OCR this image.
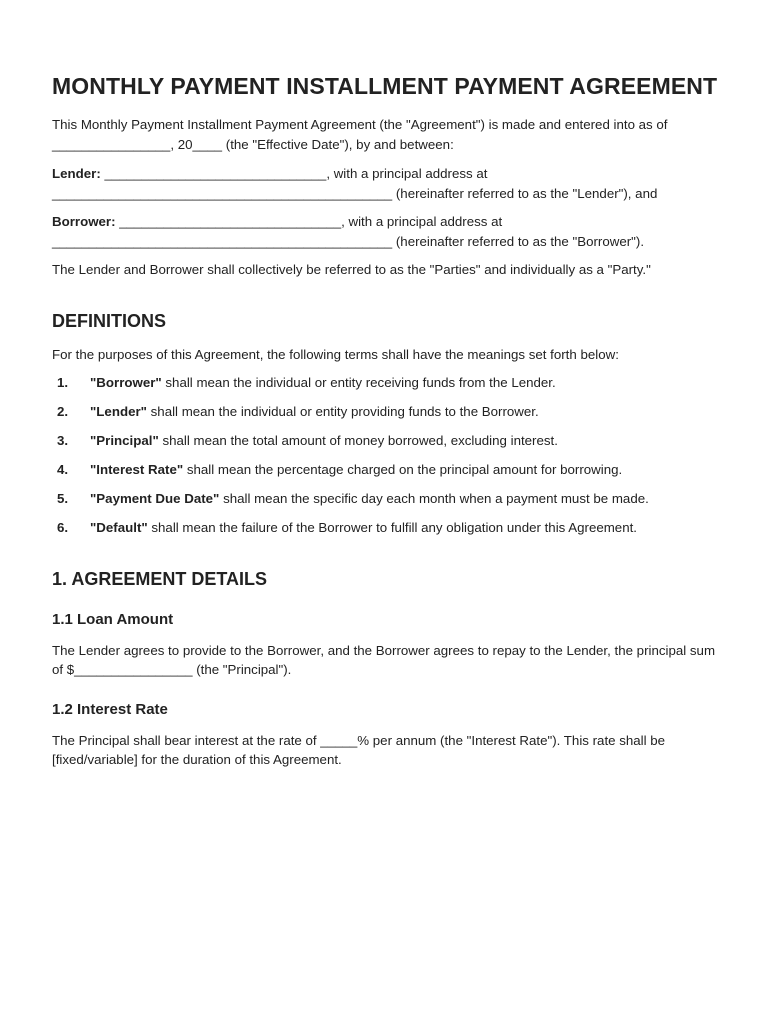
MONTHLY PAYMENT INSTALLMENT PAYMENT AGREEMENT

This Monthly Payment Installment Payment Agreement (the "Agreement") is made and entered into as of ________________, 20____ (the "Effective Date"), by and between:

Lender: ______________________________, with a principal address at ______________________________________________ (hereinafter referred to as the "Lender"), and

Borrower: ______________________________, with a principal address at ______________________________________________ (hereinafter referred to as the "Borrower").

The Lender and Borrower shall collectively be referred to as the "Parties" and individually as a "Party."

DEFINITIONS

For the purposes of this Agreement, the following terms shall have the meanings set forth below:

1. "Borrower" shall mean the individual or entity receiving funds from the Lender.
2. "Lender" shall mean the individual or entity providing funds to the Borrower.
3. "Principal" shall mean the total amount of money borrowed, excluding interest.
4. "Interest Rate" shall mean the percentage charged on the principal amount for borrowing.
5. "Payment Due Date" shall mean the specific day each month when a payment must be made.
6. "Default" shall mean the failure of the Borrower to fulfill any obligation under this Agreement.
1. AGREEMENT DETAILS
1.1 Loan Amount

The Lender agrees to provide to the Borrower, and the Borrower agrees to repay to the Lender, the principal sum of $________________ (the "Principal").

1.2 Interest Rate

The Principal shall bear interest at the rate of _____% per annum (the "Interest Rate"). This rate shall be [fixed/variable] for the duration of this Agreement.
